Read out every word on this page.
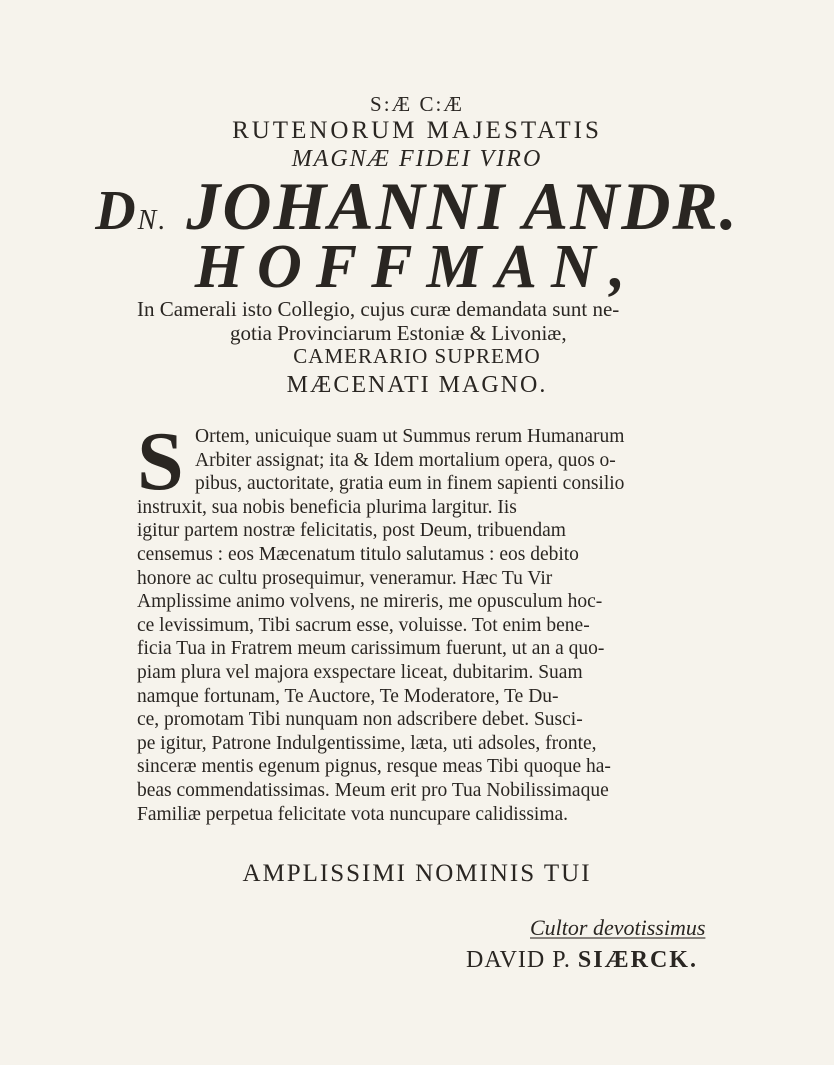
S:Æ C:Æ
RUTENORUM MAJESTATIS
MAGNÆ FIDEI VIRO
DN. JOHANNI ANDR.
HOFFMAN,
In Camerali isto Collegio, cujus curæ demandata sunt ne-
gotia Provinciarum Estoniæ & Livoniæ,
CAMERARIO SUPREMO
MÆCENATI MAGNO.
S Ortem, unicuique suam ut Summus rerum Humanarum
Arbiter assignat; ita & Idem mortalium opera, quos o-
pibus, auctoritate, gratia eum in finem sapienti consilio
instruxit, sua nobis beneficia plurima largitur. Iis
igitur partem nostræ felicitatis, post Deum, tribuendam
censemus : eos Mæcenatum titulo salutamus : eos debito
honore ac cultu prosequimur, veneramur. Hæc Tu Vir
Amplissime animo volvens, ne mireris, me opusculum hoc-
ce levissimum, Tibi sacrum esse, voluisse. Tot enim bene-
ficia Tua in Fratrem meum carissimum fuerunt, ut an a quo-
piam plura vel majora exspectare liceat, dubitarim. Suam
namque fortunam, Te Auctore, Te Moderatore, Te Du-
ce, promotam Tibi nunquam non adscribere debet. Susci-
pe igitur, Patrone Indulgentissime, læta, uti adsoles, fronte,
sinceræ mentis egenum pignus, resque meas Tibi quoque ha-
beas commendatissimas. Meum erit pro Tua Nobilissimaque
Familiæ perpetua felicitate vota nuncupare calidissima.
AMPLISSIMI NOMINIS TUI
Cultor devotissimus
DAVID P. SIÆRCK.
